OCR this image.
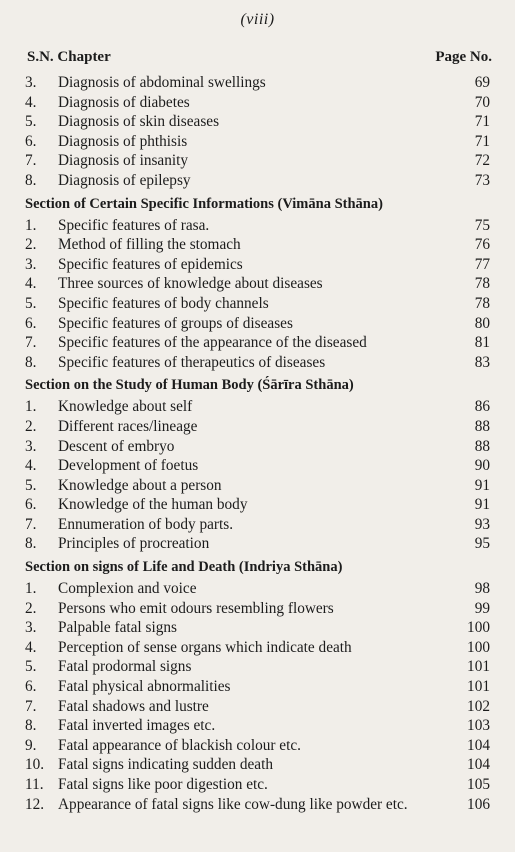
(viii)
S.N. Chapter	Page No.
3.	Diagnosis of abdominal swellings	69
4.	Diagnosis of diabetes	70
5.	Diagnosis of skin diseases	71
6.	Diagnosis of phthisis	71
7.	Diagnosis of insanity	72
8.	Diagnosis of epilepsy	73
Section of Certain Specific Informations (Vimāna Sthāna)
1.	Specific features of rasa.	75
2.	Method of filling the stomach	76
3.	Specific features of epidemics	77
4.	Three sources of knowledge about diseases	78
5.	Specific features of body channels	78
6.	Specific features of groups of diseases	80
7.	Specific features of the appearance of the diseased	81
8.	Specific features of therapeutics of diseases	83
Section on the Study of Human Body (Śārīra Sthāna)
1.	Knowledge about self	86
2.	Different races/lineage	88
3.	Descent of embryo	88
4.	Development of foetus	90
5.	Knowledge about a person	91
6.	Knowledge of the human body	91
7.	Ennumeration of body parts.	93
8.	Principles of procreation	95
Section on signs of Life and Death (Indriya Sthāna)
1.	Complexion and voice	98
2.	Persons who emit odours resembling flowers	99
3.	Palpable fatal signs	100
4.	Perception of sense organs which indicate death	100
5.	Fatal prodormal signs	101
6.	Fatal physical abnormalities	101
7.	Fatal shadows and lustre	102
8.	Fatal inverted images etc.	103
9.	Fatal appearance of blackish colour etc.	104
10. Fatal signs indicating sudden death	104
11. Fatal signs like poor digestion etc.	105
12. Appearance of fatal signs like cow-dung like powder etc.	106
